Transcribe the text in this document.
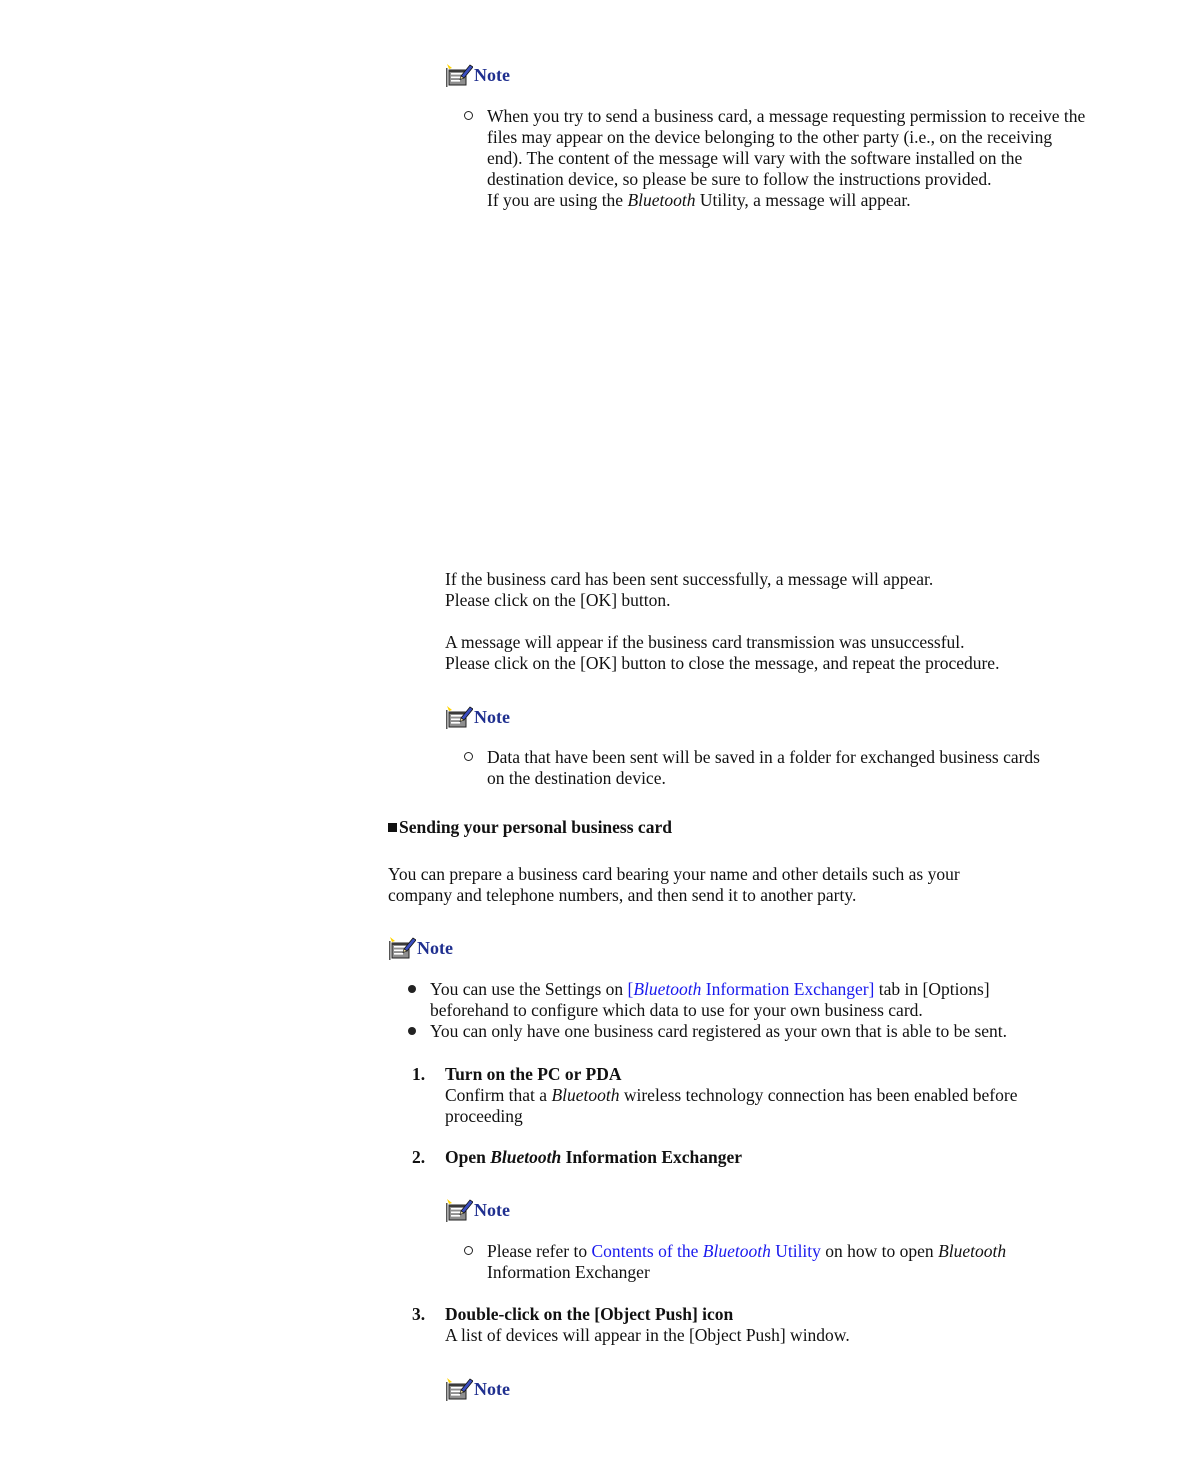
Note

When you try to send a business card, a message requesting permission to receive the files may appear on the device belonging to the other party (i.e., on the receiving end). The content of the message will vary with the software installed on the destination device, so please be sure to follow the instructions provided.

If you are using the Bluetooth Utility, a message will appear.

If the business card has been sent successfully, a message will appear.

Please click on the [OK] button.

A message will appear if the business card transmission was unsuccessful.

Please click on the [OK] button to close the message, and repeat the procedure.

Note

Data that have been sent will be saved in a folder for exchanged business cards on the destination device.

Sending your personal business card

You can prepare a business card bearing your name and other details such as your company and telephone numbers, and then send it to another party.

Note

You can use the Settings on [Bluetooth Information Exchanger] tab in [Options] beforehand to configure which data to use for your own business card.

You can only have one business card registered as your own that is able to be sent.

1. Turn on the PC or PDA

Confirm that a Bluetooth wireless technology connection has been enabled before proceeding

2. Open Bluetooth Information Exchanger
Note

Please refer to Contents of the Bluetooth Utility on how to open Bluetooth Information Exchanger

3. Double-click on the [Object Push] icon

A list of devices will appear in the [Object Push] window.

Note
